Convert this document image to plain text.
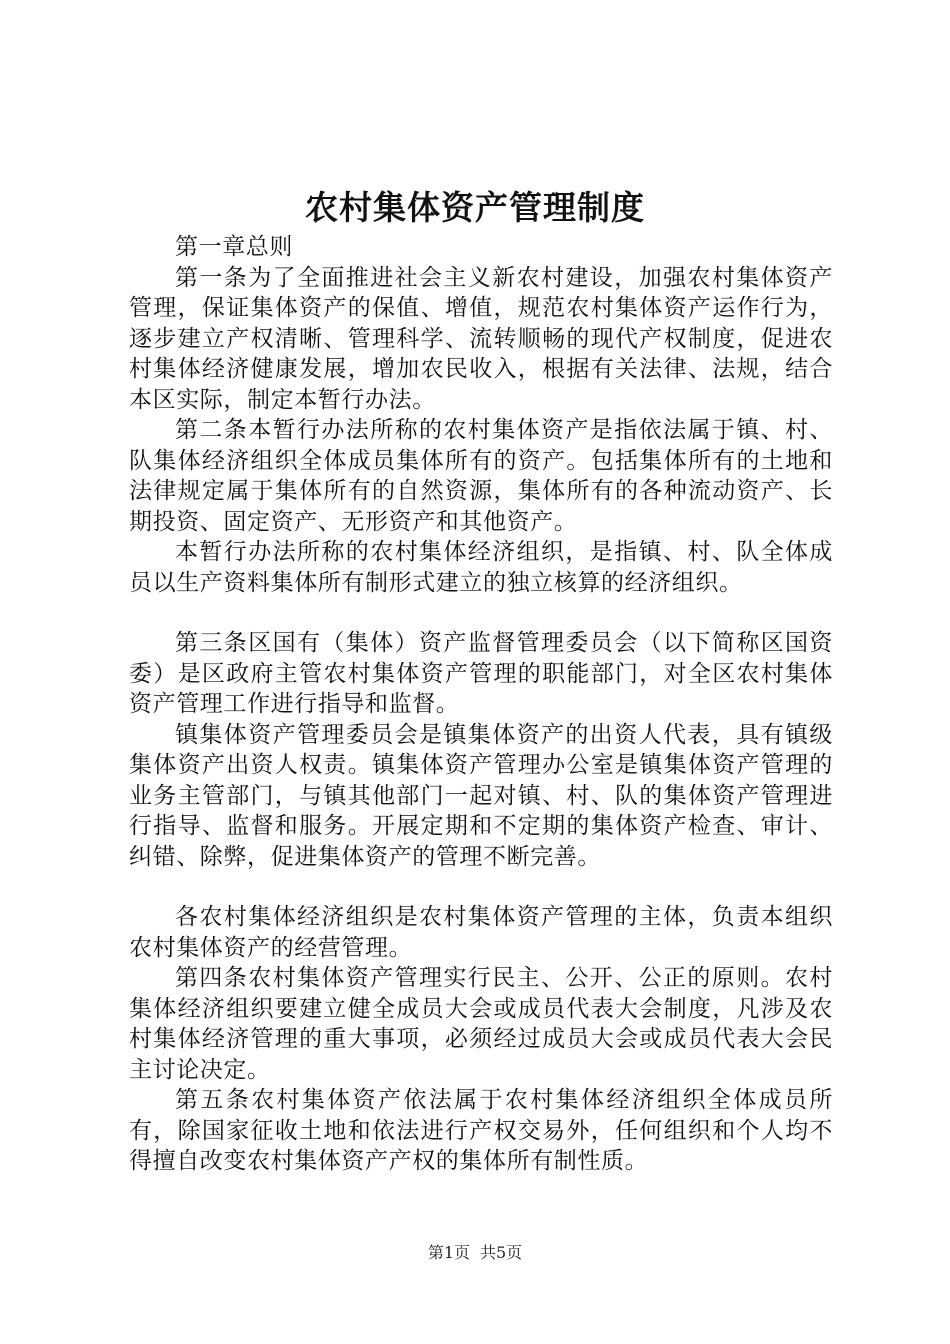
农村集体资产管理制度

第一章总则

第一条为了全面推进社会主义新农村建设，加强农村集体资产管理，保证集体资产的保值、增值，规范农村集体资产运作行为，逐步建立产权清晰、管理科学、流转顺畅的现代产权制度，促进农村集体经济健康发展，增加农民收入，根据有关法律、法规，结合本区实际，制定本暂行办法。

第二条本暂行办法所称的农村集体资产是指依法属于镇、村、队集体经济组织全体成员集体所有的资产。包括集体所有的土地和法律规定属于集体所有的自然资源，集体所有的各种流动资产、长期投资、固定资产、无形资产和其他资产。

本暂行办法所称的农村集体经济组织，是指镇、村、队全体成员以生产资料集体所有制形式建立的独立核算的经济组织。

第三条区国有（集体）资产监督管理委员会（以下简称区国资委）是区政府主管农村集体资产管理的职能部门，对全区农村集体资产管理工作进行指导和监督。

镇集体资产管理委员会是镇集体资产的出资人代表，具有镇级集体资产出资人权责。镇集体资产管理办公室是镇集体资产管理的业务主管部门，与镇其他部门一起对镇、村、队的集体资产管理进行指导、监督和服务。开展定期和不定期的集体资产检查、审计、纠错、除弊，促进集体资产的管理不断完善。

各农村集体经济组织是农村集体资产管理的主体，负责本组织农村集体资产的经营管理。

第四条农村集体资产管理实行民主、公开、公正的原则。农村集体经济组织要建立健全成员大会或成员代表大会制度，凡涉及农村集体经济管理的重大事项，必须经过成员大会或成员代表大会民主讨论决定。

第五条农村集体资产依法属于农村集体经济组织全体成员所有，除国家征收土地和依法进行产权交易外，任何组织和个人均不得擅自改变农村集体资产产权的集体所有制性质。

第1页 共5页
